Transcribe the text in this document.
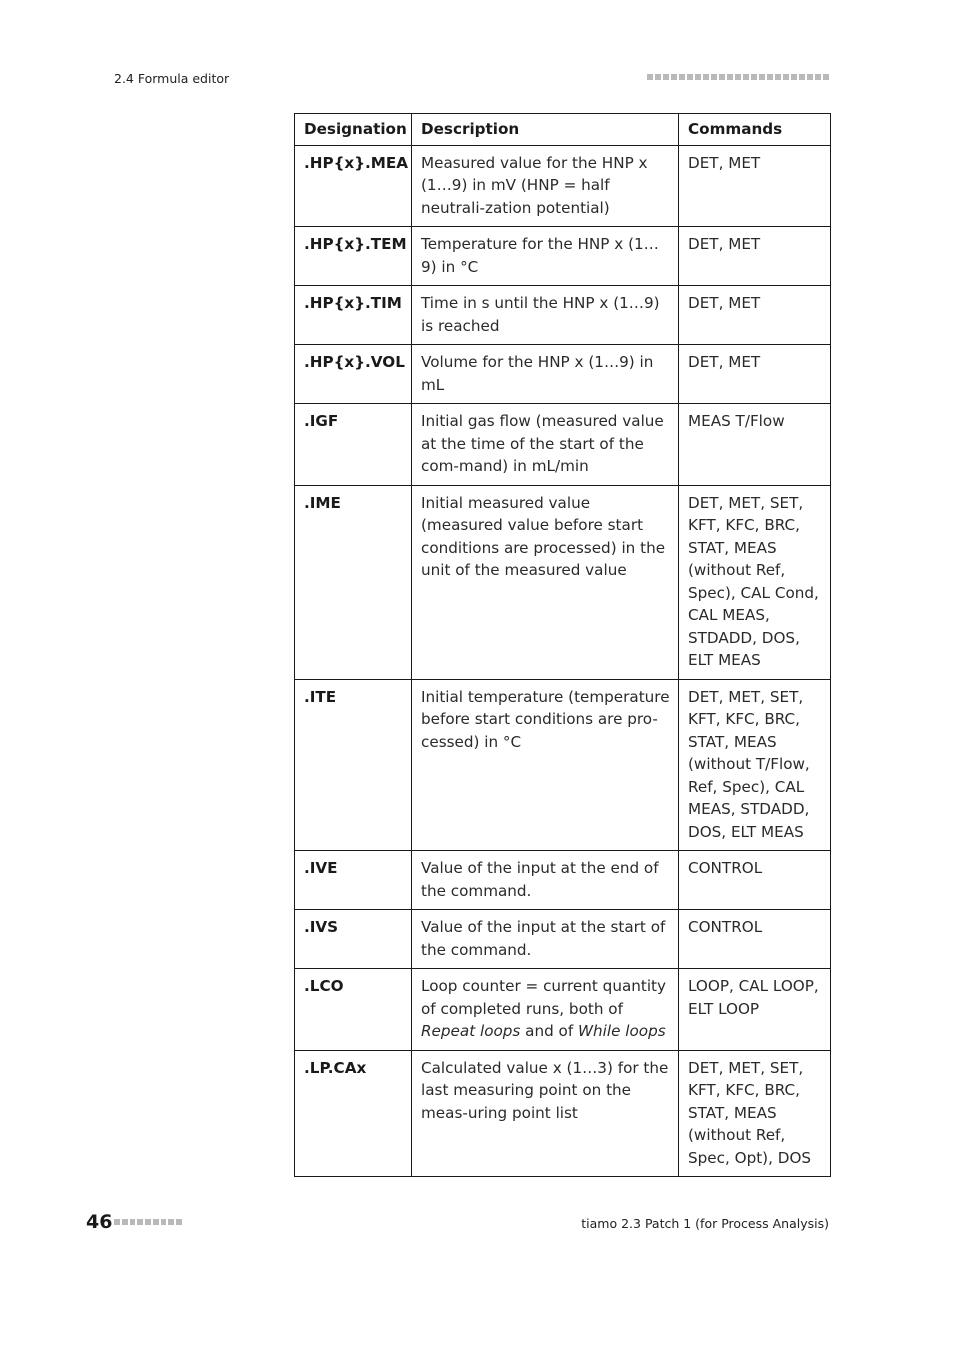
2.4 Formula editor
Designation	Description	Commands
.HP{x}.MEA	Measured value for the HNP x (1…9) in mV (HNP = half neutrali-zation potential)	DET, MET
.HP{x}.TEM	Temperature for the HNP x (1…9) in °C	DET, MET
.HP{x}.TIM	Time in s until the HNP x (1…9) is reached	DET, MET
.HP{x}.VOL	Volume for the HNP x (1…9) in mL	DET, MET
.IGF	Initial gas flow (measured value at the time of the start of the com-mand) in mL/min	MEAS T/Flow
.IME	Initial measured value (measured value before start conditions are processed) in the unit of the measured value	DET, MET, SET, KFT, KFC, BRC, STAT, MEAS (without Ref, Spec), CAL Cond, CAL MEAS, STDADD, DOS, ELT MEAS
.ITE	Initial temperature (temperature before start conditions are pro-cessed) in °C	DET, MET, SET, KFT, KFC, BRC, STAT, MEAS (without T/Flow, Ref, Spec), CAL MEAS, STDADD, DOS, ELT MEAS
.IVE	Value of the input at the end of the command.	CONTROL
.IVS	Value of the input at the start of the command.	CONTROL
.LCO	Loop counter = current quantity of completed runs, both of Repeat loops and of While loops	LOOP, CAL LOOP, ELT LOOP
.LP.CAx	Calculated value x (1…3) for the last measuring point on the meas-uring point list	DET, MET, SET, KFT, KFC, BRC, STAT, MEAS (without Ref, Spec, Opt), DOS
46	tiamo 2.3 Patch 1 (for Process Analysis)
